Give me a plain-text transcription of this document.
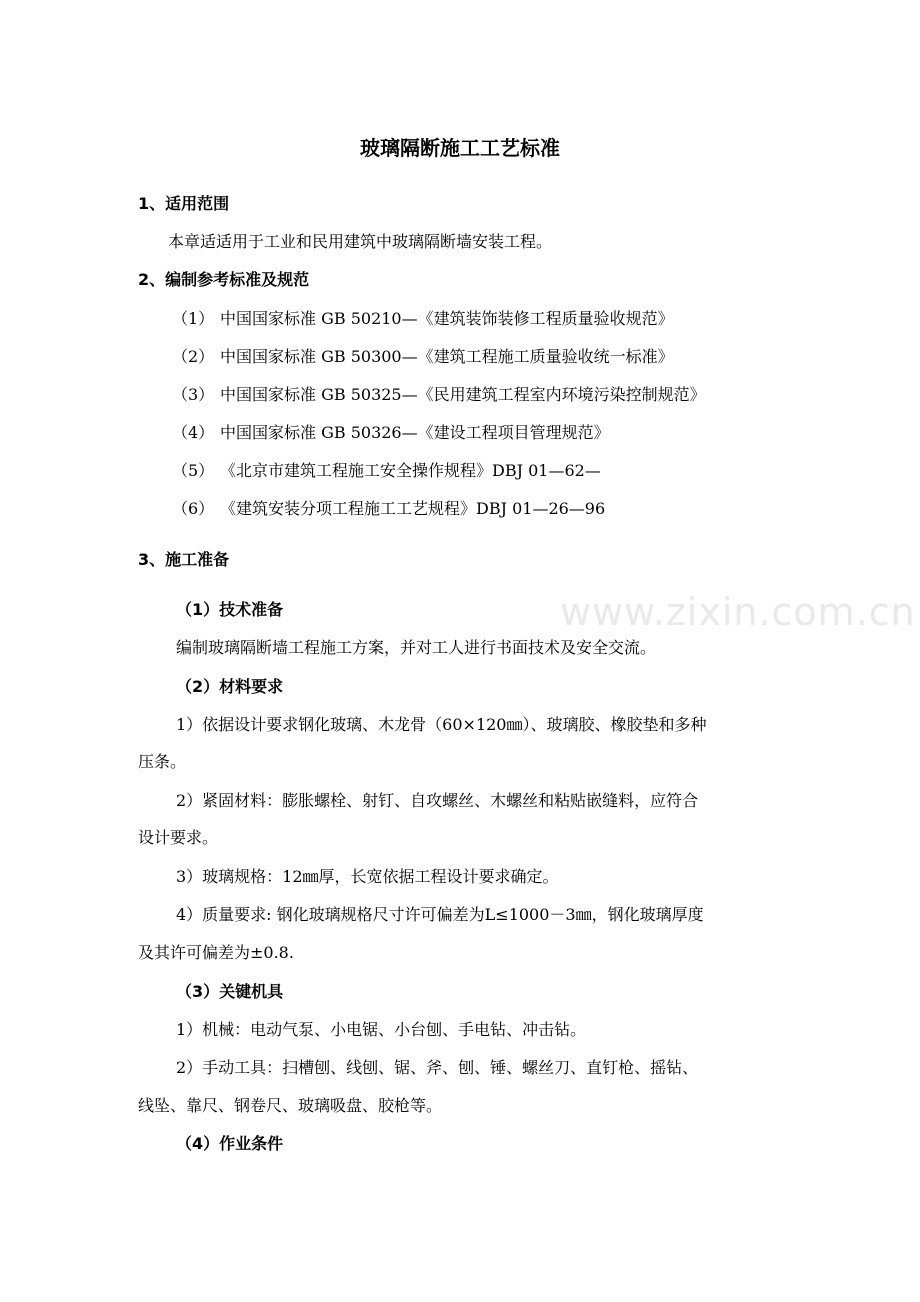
www.zixin.com.cn
玻璃隔断施工工艺标准
1、适用范围
本章适适用于工业和民用建筑中玻璃隔断墙安装工程。
2、编制参考标准及规范
（1） 中国国家标准 GB 50210—《建筑装饰装修工程质量验收规范》
（2） 中国国家标准 GB 50300—《建筑工程施工质量验收统一标准》
（3） 中国国家标准 GB 50325—《民用建筑工程室内环境污染控制规范》
（4） 中国国家标准 GB 50326—《建设工程项目管理规范》
（5） 《北京市建筑工程施工安全操作规程》DBJ 01—62—
（6） 《建筑安装分项工程施工工艺规程》DBJ 01—26—96
3、施工准备
（1）技术准备
编制玻璃隔断墙工程施工方案，并对工人进行书面技术及安全交流。
（2）材料要求
1）依据设计要求钢化玻璃、木龙骨（60×120㎜）、玻璃胶、橡胶垫和多种
压条。
2）紧固材料：膨胀螺栓、射钉、自攻螺丝、木螺丝和粘贴嵌缝料，应符合
设计要求。
3）玻璃规格：12㎜厚，长宽依据工程设计要求确定。
4）质量要求: 钢化玻璃规格尺寸许可偏差为L≤1000－3㎜，钢化玻璃厚度
及其许可偏差为±0.8.
（3）关键机具
1）机械：电动气泵、小电锯、小台刨、手电钻、冲击钻。
2）手动工具：扫槽刨、线刨、锯、斧、刨、锤、螺丝刀、直钉枪、摇钻、
线坠、靠尺、钢卷尺、玻璃吸盘、胶枪等。
（4）作业条件
